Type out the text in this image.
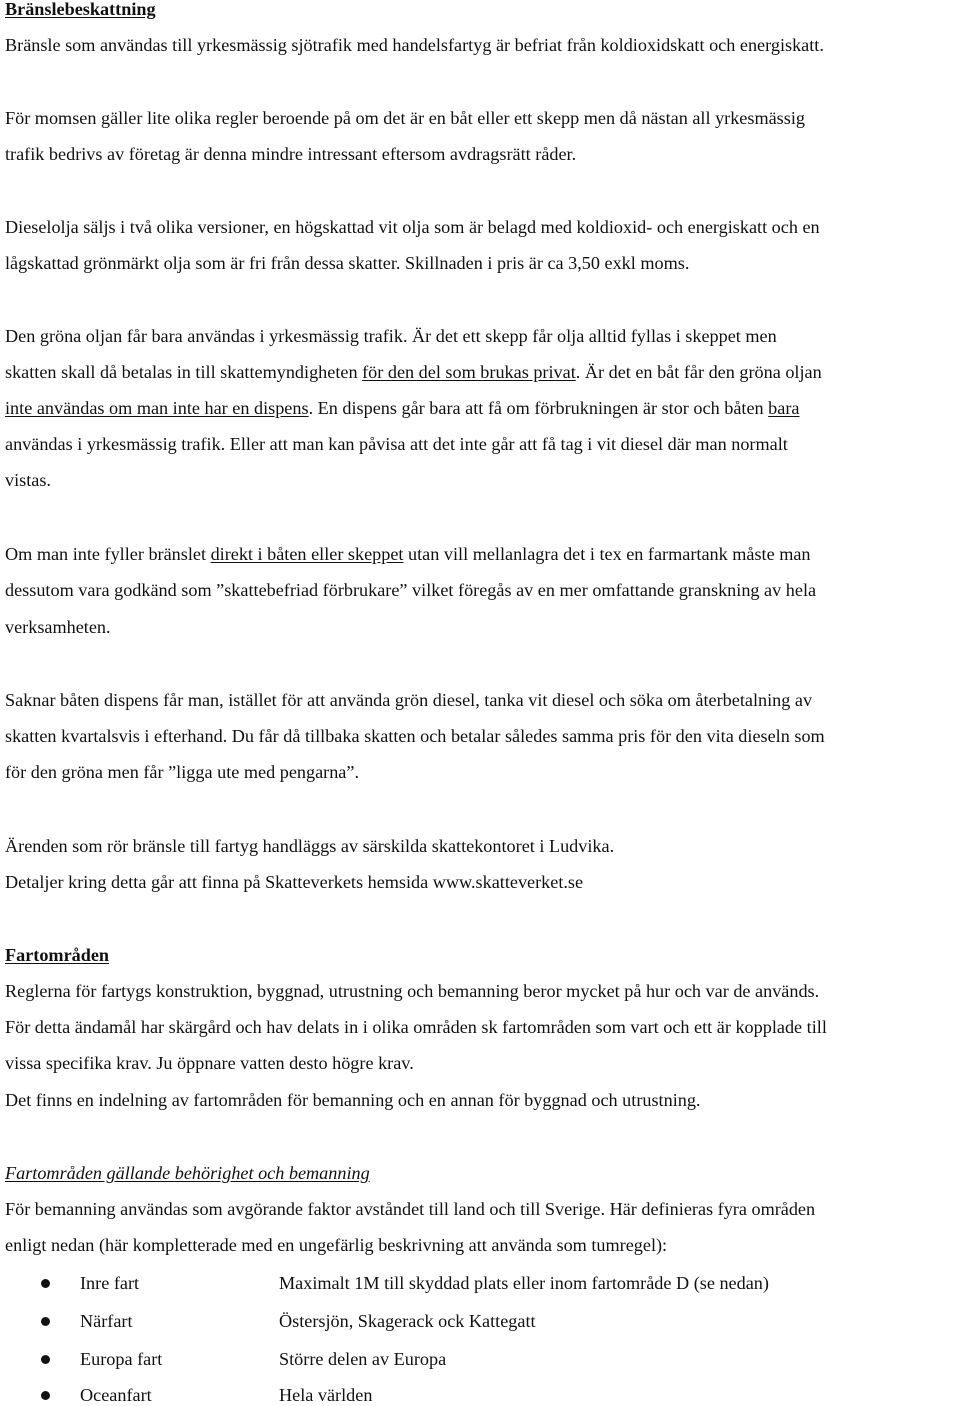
Bränslebeskattning
Bränsle som användas till yrkesmässig sjötrafik med handelsfartyg är befriat från koldioxidskatt och energiskatt.
För momsen gäller lite olika regler beroende på om det är en båt eller ett skepp men då nästan all yrkesmässig
trafik bedrivs av företag är denna mindre intressant eftersom avdragsrätt råder.
Dieselolja säljs i två olika versioner, en högskattad vit olja som är belagd med koldioxid- och energiskatt och en
lågskattad grönmärkt olja som är fri från dessa skatter. Skillnaden i pris är ca 3,50 exkl moms.
Den gröna oljan får bara användas i yrkesmässig trafik. Är det ett skepp får olja alltid fyllas i skeppet men
skatten skall då betalas in till skattemyndigheten för den del som brukas privat. Är det en båt får den gröna oljan
inte användas om man inte har en dispens. En dispens går bara att få om förbrukningen är stor och båten bara
användas i yrkesmässig trafik. Eller att man kan påvisa att det inte går att få tag i vit diesel där man normalt
vistas.
Om man inte fyller bränslet direkt i båten eller skeppet utan vill mellanlagra det i tex en farmartank måste man
dessutom vara godkänd som ”skattebefriad förbrukare” vilket föregås av en mer omfattande granskning av hela
verksamheten.
Saknar båten dispens får man, istället för att använda grön diesel, tanka vit diesel och söka om återbetalning av
skatten kvartalsvis i efterhand. Du får då tillbaka skatten och betalar således samma pris för den vita dieseln som
för den gröna men får ”ligga ute med pengarna”.
Ärenden som rör bränsle till fartyg handläggs av särskilda skattekontoret i Ludvika.
Detaljer kring detta går att finna på Skatteverkets hemsida www.skatteverket.se
Fartområden
Reglerna för fartygs konstruktion, byggnad, utrustning och bemanning beror mycket på hur och var de används.
För detta ändamål har skärgård och hav delats in i olika områden sk fartområden som vart och ett är kopplade till
vissa specifika krav. Ju öppnare vatten desto högre krav.
Det finns en indelning av fartområden för bemanning och en annan för byggnad och utrustning.
Fartområden gällande behörighet och bemanning
För bemanning användas som avgörande faktor avståndet till land och till Sverige. Här definieras fyra områden
enligt nedan (här kompletterade med en ungefärlig beskrivning att använda som tumregel):
Inre fart	Maximalt 1M till skyddad plats eller inom fartområde D (se nedan)
Närfart	Östersjön, Skagerack ock Kattegatt
Europa fart	Större delen av Europa
Oceanfart	Hela världen
